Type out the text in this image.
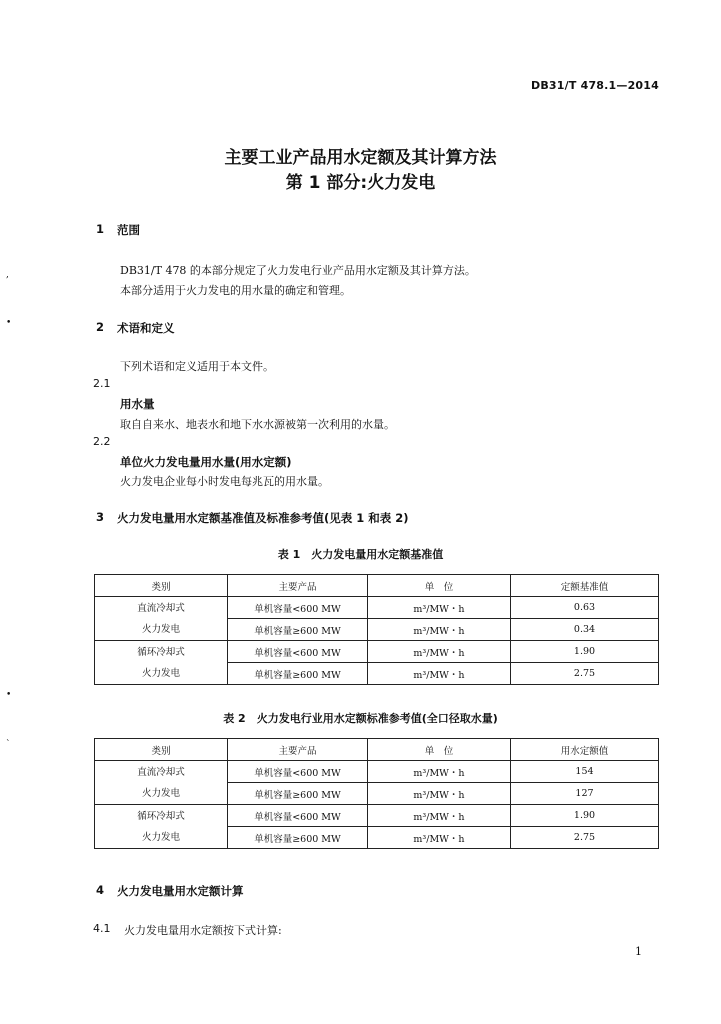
DB31/T 478.1—2014
主要工业产品用水定额及其计算方法
第 1 部分:火力发电
1 范围
DB31/T 478 的本部分规定了火力发电行业产品用水定额及其计算方法。
本部分适用于火力发电的用水量的确定和管理。
2 术语和定义
下列术语和定义适用于本文件。
2.1
用水量
取自自来水、地表水和地下水水源被第一次利用的水量。
2.2
单位火力发电量用水量(用水定额)
火力发电企业每小时发电每兆瓦的用水量。
3 火力发电量用水定额基准值及标准参考值(见表 1 和表 2)
表 1　火力发电量用水定额基准值
类别	主要产品	单　位	定额基准值

直流冷却式
火力发电	单机容量<600 MW	m³/MW・h	0.63
	单机容量≥600 MW	m³/MW・h	0.34

循环冷却式
火力发电	单机容量<600 MW	m³/MW・h	1.90
	单机容量≥600 MW	m³/MW・h	2.75
表 2　火力发电行业用水定额标准参考值(全口径取水量)
类别	主要产品	单　位	用水定额值

直流冷却式
火力发电	单机容量<600 MW	m³/MW・h	154
	单机容量≥600 MW	m³/MW・h	127

循环冷却式
火力发电	单机容量<600 MW	m³/MW・h	1.90
	单机容量≥600 MW	m³/MW・h	2.75
4 火力发电量用水定额计算
4.1 火力发电量用水定额按下式计算:
1
,
•
•
`
